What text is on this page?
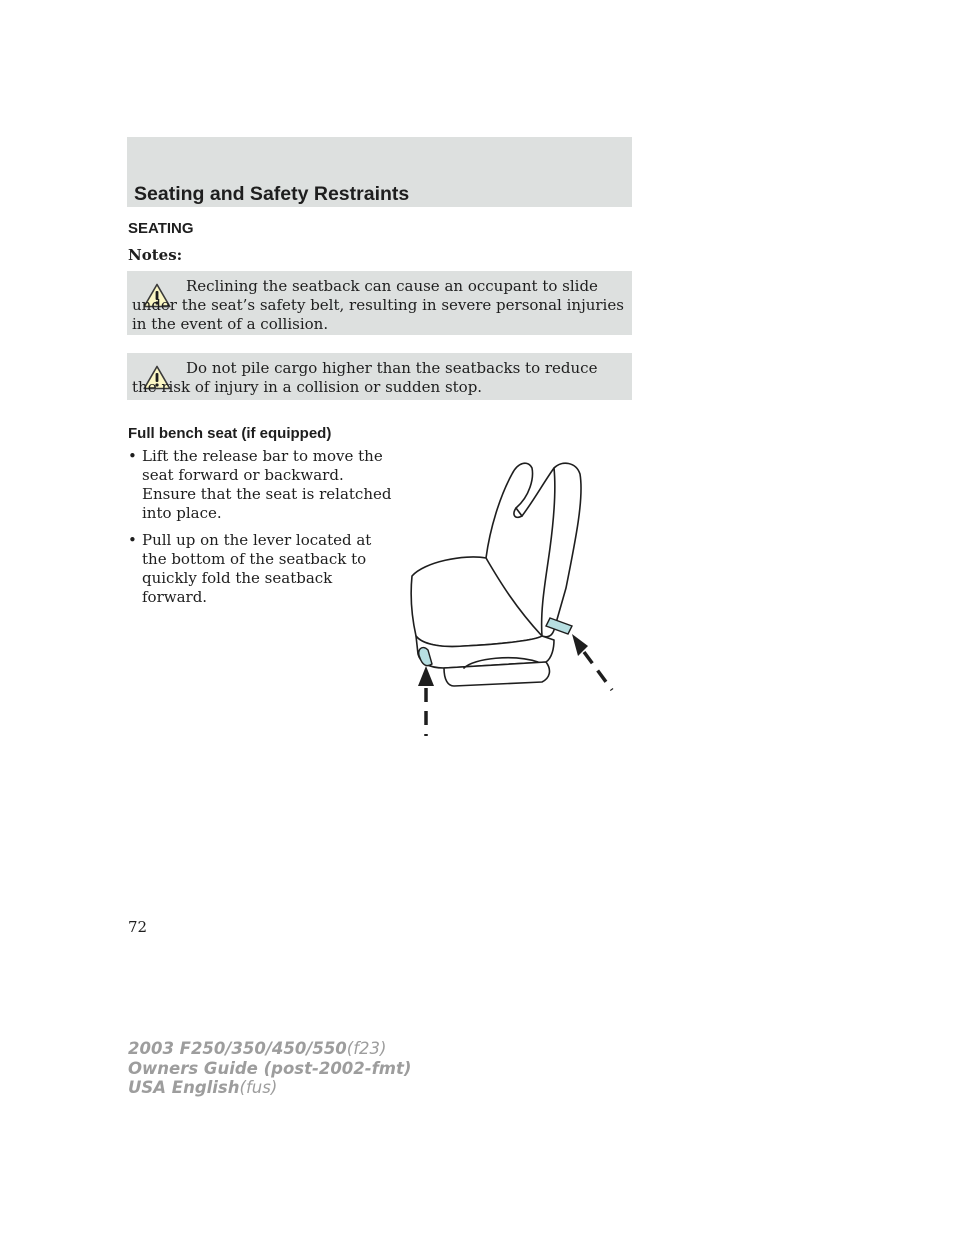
Seating and Safety Restraints
SEATING

Notes:

Reclining the seatback can cause an occupant to slide under the seat’s safety belt, resulting in severe personal injuries in the event of a collision.

Do not pile cargo higher than the seatbacks to reduce the risk of injury in a collision or sudden stop.

Full bench seat (if equipped)
• Lift the release bar to move the seat forward or backward. Ensure that the seat is relatched into place.
• Pull up on the lever located at the bottom of the seatback to quickly fold the seatback forward.

72

2003 F250/350/450/550(f23)
Owners Guide (post-2002-fmt)
USA English(fus)
